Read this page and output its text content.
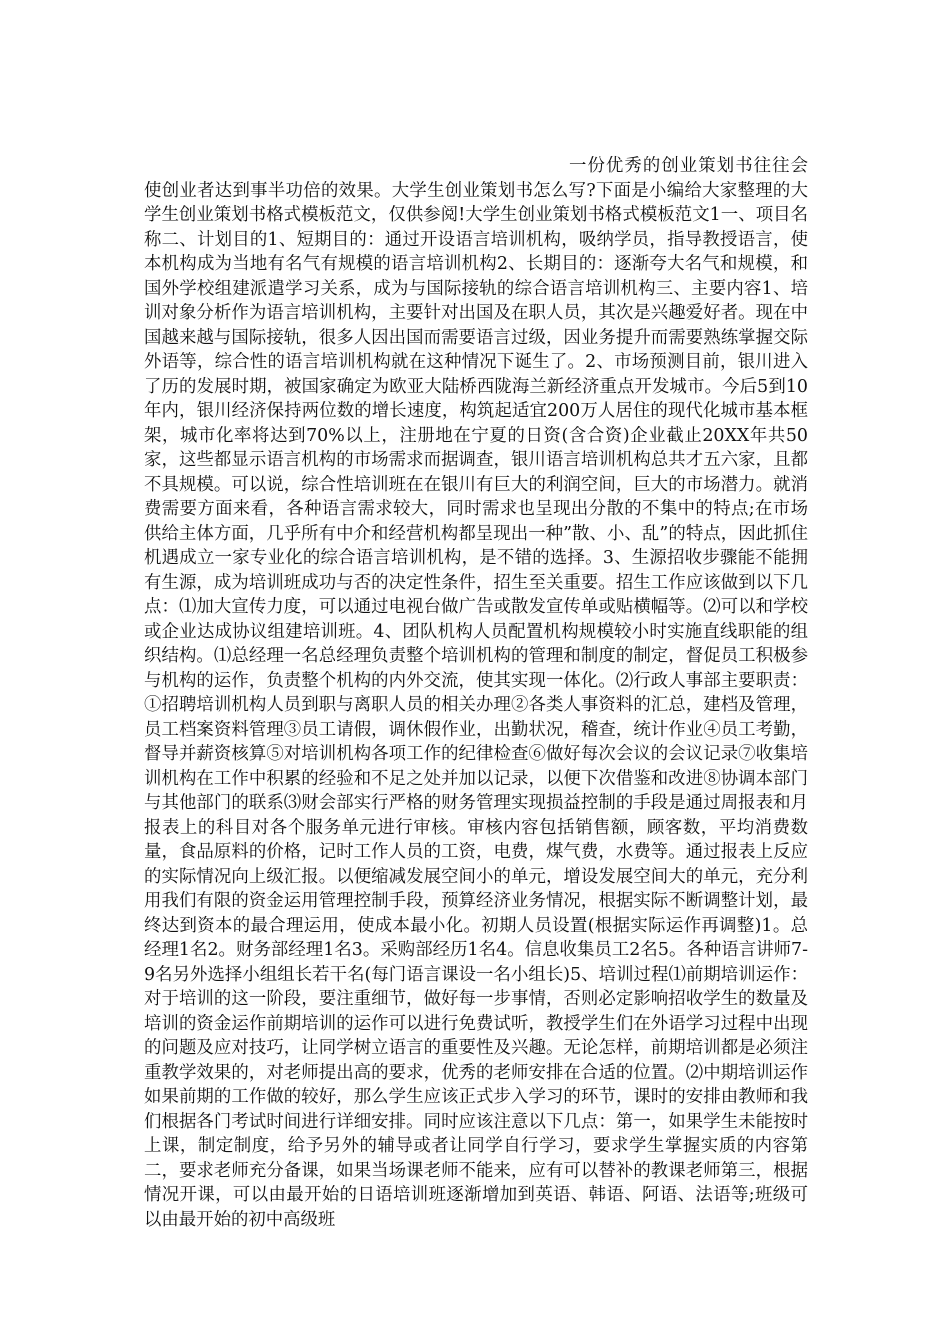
一份优秀的创业策划书往往会使创业者达到事半功倍的效果。大学生创业策划书怎么写?下面是小编给大家整理的大学生创业策划书格式模板范文，仅供参阅!大学生创业策划书格式模板范文1一、项目名称二、计划目的1、短期目的：通过开设语言培训机构，吸纳学员，指导教授语言，使本机构成为当地有名气有规模的语言培训机构2、长期目的：逐渐夸大名气和规模，和国外学校组建派遣学习关系，成为与国际接轨的综合语言培训机构三、主要内容1、培训对象分析作为语言培训机构，主要针对出国及在职人员，其次是兴趣爱好者。现在中国越来越与国际接轨，很多人因出国而需要语言过级，因业务提升而需要熟练掌握交际外语等，综合性的语言培训机构就在这种情况下诞生了。2、市场预测目前，银川进入了历的发展时期，被国家确定为欧亚大陆桥西陇海兰新经济重点开发城市。今后5到10年内，银川经济保持两位数的增长速度，构筑起适宜200万人居住的现代化城市基本框架，城市化率将达到70%以上，注册地在宁夏的日资(含合资)企业截止20XX年共50家，这些都显示语言机构的市场需求而据调查，银川语言培训机构总共才五六家，且都不具规模。可以说，综合性培训班在在银川有巨大的利润空间，巨大的市场潜力。就消费需要方面来看，各种语言需求较大，同时需求也呈现出分散的不集中的特点;在市场供给主体方面，几乎所有中介和经营机构都呈现出一种”散、小、乱”的特点，因此抓住机遇成立一家专业化的综合语言培训机构，是不错的选择。3、生源招收步骤能不能拥有生源，成为培训班成功与否的决定性条件，招生至关重要。招生工作应该做到以下几点：⑴加大宣传力度，可以通过电视台做广告或散发宣传单或贴横幅等。⑵可以和学校或企业达成协议组建培训班。4、团队机构人员配置机构规模较小时实施直线职能的组织结构。⑴总经理一名总经理负责整个培训机构的管理和制度的制定，督促员工积极参与机构的运作，负责整个机构的内外交流，使其实现一体化。⑵行政人事部主要职责：①招聘培训机构人员到职与离职人员的相关办理②各类人事资料的汇总，建档及管理，员工档案资料管理③员工请假，调休假作业，出勤状况，稽查，统计作业④员工考勤，督导并薪资核算⑤对培训机构各项工作的纪律检查⑥做好每次会议的会议记录⑦收集培训机构在工作中积累的经验和不足之处并加以记录，以便下次借鉴和改进⑧协调本部门与其他部门的联系⑶财会部实行严格的财务管理实现损益控制的手段是通过周报表和月报表上的科目对各个服务单元进行审核。审核内容包括销售额，顾客数，平均消费数量，食品原料的价格，记时工作人员的工资，电费，煤气费，水费等。通过报表上反应的实际情况向上级汇报。以便缩减发展空间小的单元，增设发展空间大的单元，充分利用我们有限的资金运用管理控制手段，预算经济业务情况，根据实际不断调整计划，最终达到资本的最合理运用，使成本最小化。初期人员设置(根据实际运作再调整)1。总经理1名2。财务部经理1名3。采购部经历1名4。信息收集员工2名5。各种语言讲师7-9名另外选择小组组长若干名(每门语言课设一名小组长)5、培训过程⑴前期培训运作：对于培训的这一阶段，要注重细节，做好每一步事情，否则必定影响招收学生的数量及培训的资金运作前期培训的运作可以进行免费试听，教授学生们在外语学习过程中出现的问题及应对技巧，让同学树立语言的重要性及兴趣。无论怎样，前期培训都是必须注重教学效果的，对老师提出高的要求，优秀的老师安排在合适的位置。⑵中期培训运作如果前期的工作做的较好，那么学生应该正式步入学习的环节，课时的安排由教师和我们根据各门考试时间进行详细安排。同时应该注意以下几点：第一，如果学生未能按时上课，制定制度，给予另外的辅导或者让同学自行学习，要求学生掌握实质的内容第二，要求老师充分备课，如果当场课老师不能来，应有可以替补的教课老师第三，根据情况开课，可以由最开始的日语培训班逐渐增加到英语、韩语、阿语、法语等;班级可以由最开始的初中高级班
